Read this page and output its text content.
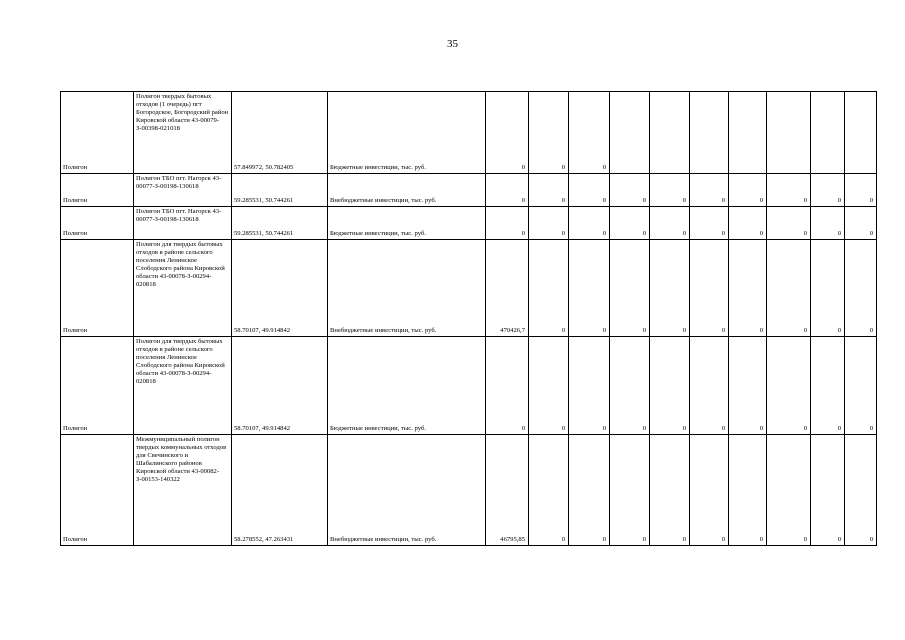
35
Полигон	Полигон твердых бытовых отходов (1 очередь) пгт Богородское, Богородский район Кировской области 43-00079-З-00398-021018	57.849972, 50.782405	Бюджетные инвестиции, тыс. руб.	0	0	0							
Полигон	Полигон ТБО пгт. Нагорск 43-00077-З-00198-130618	59.285531, 50.744261	Внебюджетные инвестиции, тыс. руб.	0	0	0	0	0	0	0	0	0	0
Полигон	Полигон ТБО пгт. Нагорск 43-00077-З-00198-130618	59.285531, 50.744261	Бюджетные инвестиции, тыс. руб.	0	0	0	0	0	0	0	0	0	0
Полигон	Полигон для твердых бытовых отходов в районе сельского поселения Ленинское Слободского района Кировской области 43-00078-З-00294-020818	58.70107, 49.914842	Внебюджетные инвестиции, тыс. руб.	470426,7	0	0	0	0	0	0	0	0	0
Полигон	Полигон для твердых бытовых отходов в районе сельского поселения Ленинское Слободского района Кировской области 43-00078-З-00294-020818	58.70107, 49.914842	Бюджетные инвестиции, тыс. руб.	0	0	0	0	0	0	0	0	0	0
Полигон	Межмуниципальный полигон твердых коммунальных отходов для Свечинского и Шабалинского районов Кировской области 43-00082-З-00153-140322	58.278552, 47.263431	Внебюджетные инвестиции, тыс. руб.	46795,85	0	0	0	0	0	0	0	0	0
